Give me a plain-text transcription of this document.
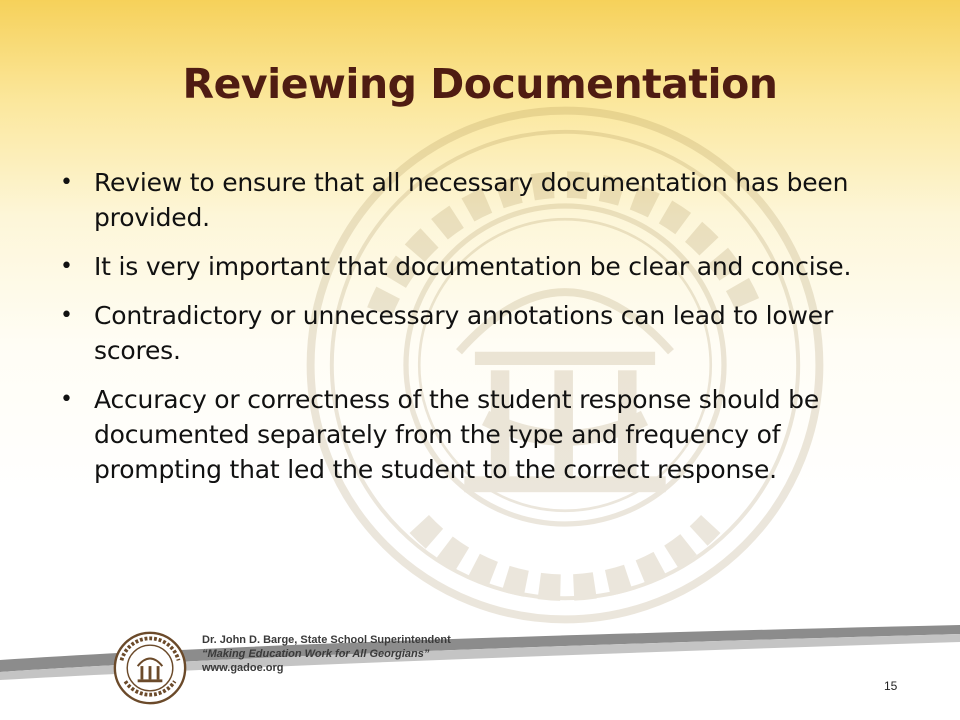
Reviewing Documentation
• Review to ensure that all necessary documentation has been provided.
• It is very important that documentation be clear and concise.
• Contradictory or unnecessary annotations can lead to lower scores.
• Accuracy or correctness of the student response should be documented separately from the type and frequency of prompting that led the student to the correct response.
Dr. John D. Barge, State School Superintendent
“Making Education Work for All Georgians”
www.gadoe.org
15
